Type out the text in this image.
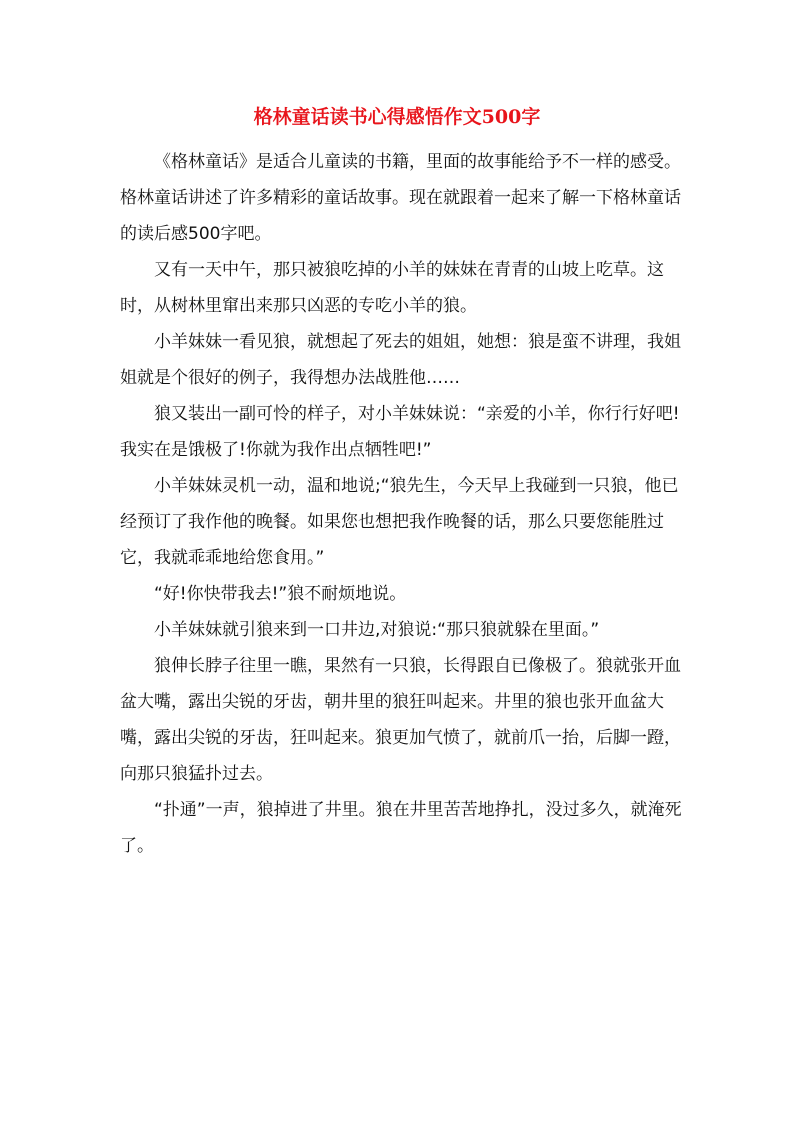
格林童话读书心得感悟作文500字

《格林童话》是适合儿童读的书籍，里面的故事能给予不一样的感受。格林童话讲述了许多精彩的童话故事。现在就跟着一起来了解一下格林童话的读后感500字吧。

又有一天中午，那只被狼吃掉的小羊的妹妹在青青的山坡上吃草。这时，从树林里窜出来那只凶恶的专吃小羊的狼。

小羊妹妹一看见狼，就想起了死去的姐姐，她想：狼是蛮不讲理，我姐姐就是个很好的例子，我得想办法战胜他……

狼又装出一副可怜的样子，对小羊妹妹说：“亲爱的小羊，你行行好吧!我实在是饿极了!你就为我作出点牺牲吧!”

小羊妹妹灵机一动，温和地说;“狼先生，今天早上我碰到一只狼，他已经预订了我作他的晚餐。如果您也想把我作晚餐的话，那么只要您能胜过它，我就乖乖地给您食用。”

“好!你快带我去!”狼不耐烦地说。

小羊妹妹就引狼来到一口井边,对狼说:“那只狼就躲在里面。”

狼伸长脖子往里一瞧，果然有一只狼，长得跟自已像极了。狼就张开血盆大嘴，露出尖锐的牙齿，朝井里的狼狂叫起来。井里的狼也张开血盆大嘴，露出尖锐的牙齿，狂叫起来。狼更加气愤了，就前爪一抬，后脚一蹬，向那只狼猛扑过去。

“扑通”一声，狼掉进了井里。狼在井里苦苦地挣扎，没过多久，就淹死了。
